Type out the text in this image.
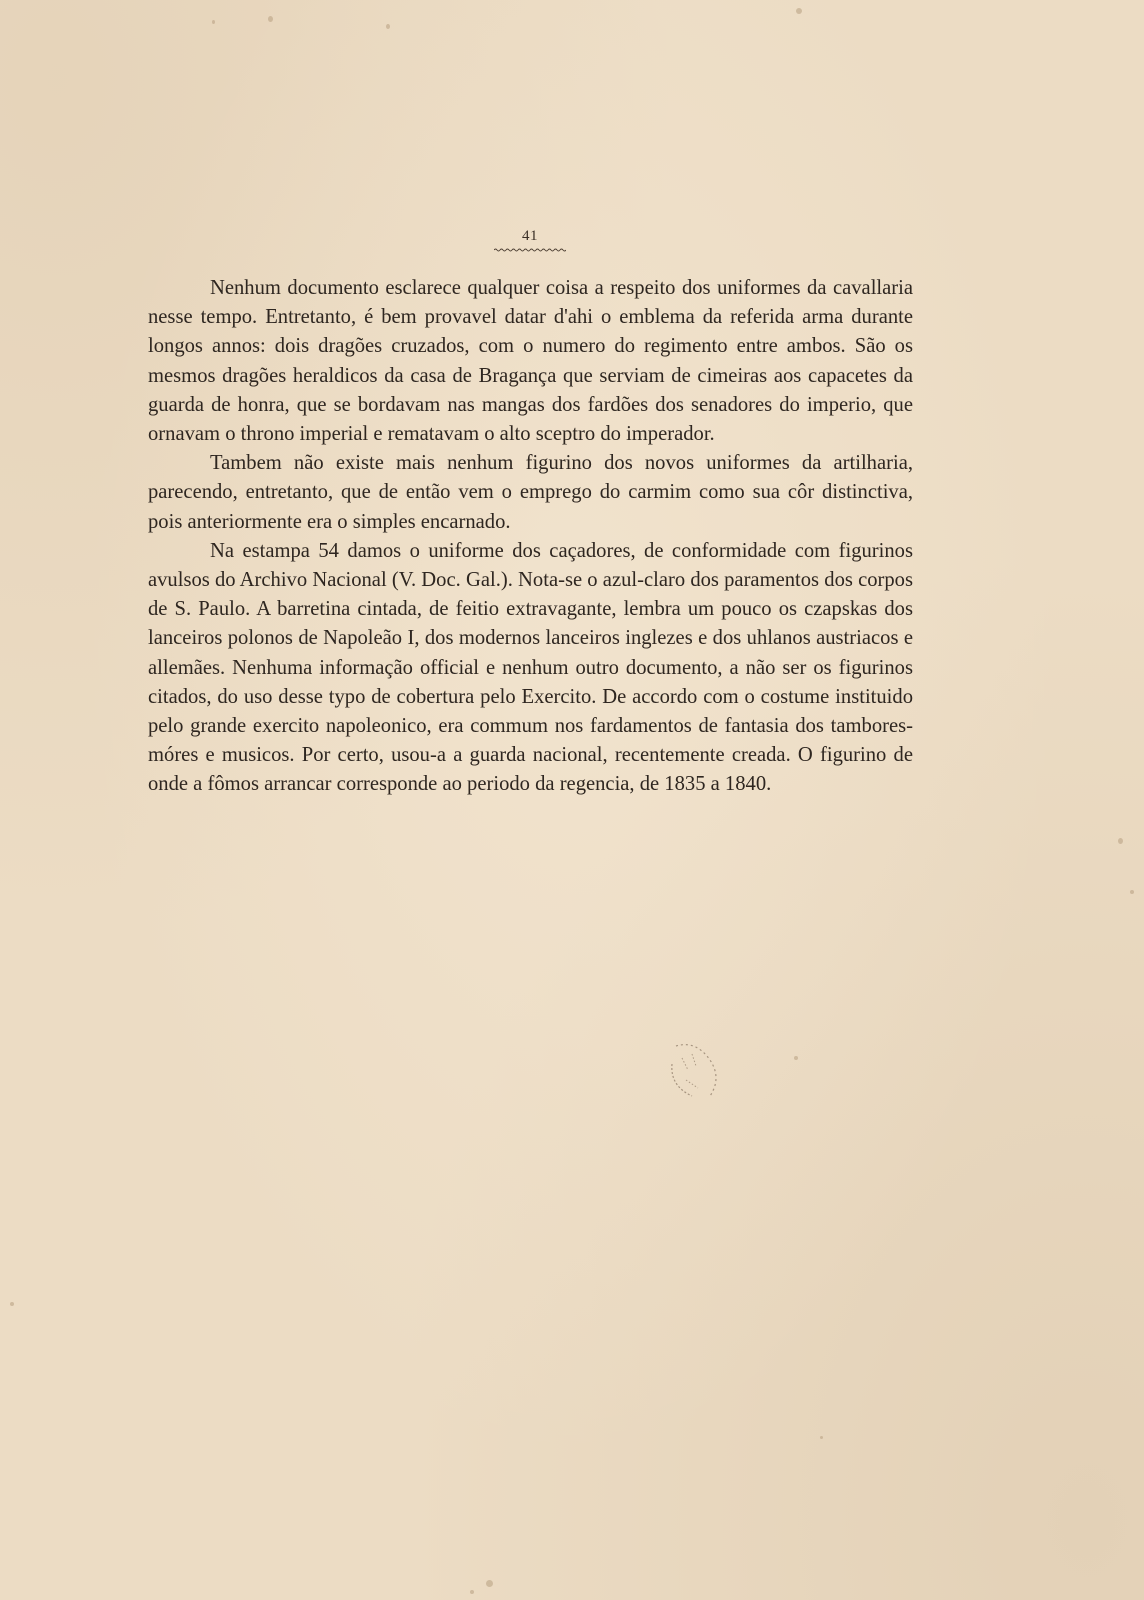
41

Nenhum documento esclarece qualquer coisa a respeito dos uniformes da cavallaria nesse tempo. Entretanto, é bem provavel datar d'ahi o emblema da referida arma durante longos annos: dois dragões cruzados, com o numero do regimento entre ambos. São os mesmos dragões heraldicos da casa de Bragança que serviam de cimeiras aos capacetes da guarda de honra, que se bordavam nas mangas dos fardões dos senadores do imperio, que ornavam o throno imperial e rematavam o alto sceptro do imperador.

Tambem não existe mais nenhum figurino dos novos uniformes da artilharia, parecendo, entretanto, que de então vem o emprego do carmim como sua côr distinctiva, pois anteriormente era o simples encarnado.

Na estampa 54 damos o uniforme dos caçadores, de conformidade com figurinos avulsos do Archivo Nacional (V. Doc. Gal.). Nota-se o azul-claro dos paramentos dos corpos de S. Paulo. A barretina cintada, de feitio extravagante, lembra um pouco os czapskas dos lanceiros polonos de Napoleão I, dos modernos lanceiros inglezes e dos uhlanos austriacos e allemães. Nenhuma informação official e nenhum outro documento, a não ser os figurinos citados, do uso desse typo de cobertura pelo Exercito. De accordo com o costume instituido pelo grande exercito napoleonico, era commum nos fardamentos de fantasia dos tambores-móres e musicos. Por certo, usou-a a guarda nacional, recentemente creada. O figurino de onde a fômos arrancar corresponde ao periodo da regencia, de 1835 a 1840.
